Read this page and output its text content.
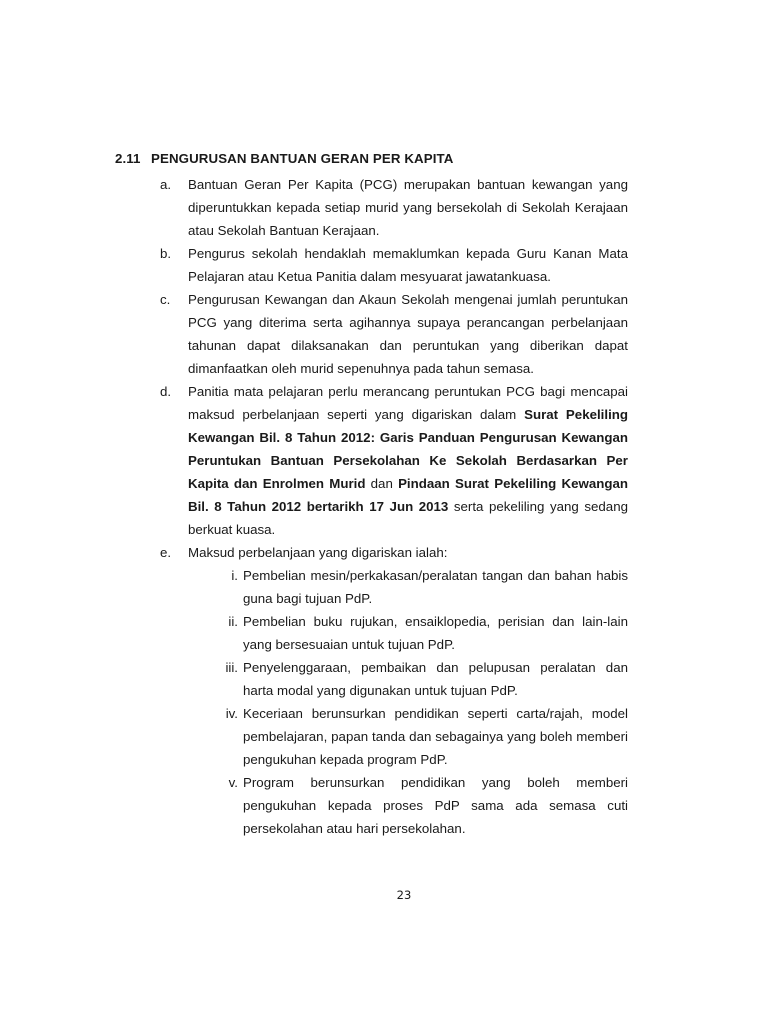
2.11 PENGURUSAN BANTUAN GERAN PER KAPITA
a. Bantuan Geran Per Kapita (PCG) merupakan bantuan kewangan yang diperuntukkan kepada setiap murid yang bersekolah di Sekolah Kerajaan atau Sekolah Bantuan Kerajaan.

b. Pengurus sekolah hendaklah memaklumkan kepada Guru Kanan Mata Pelajaran atau Ketua Panitia dalam mesyuarat jawatankuasa.

c. Pengurusan Kewangan dan Akaun Sekolah mengenai jumlah peruntukan PCG yang diterima serta agihannya supaya perancangan perbelanjaan tahunan dapat dilaksanakan dan peruntukan yang diberikan dapat dimanfaatkan oleh murid sepenuhnya pada tahun semasa.

d. Panitia mata pelajaran perlu merancang peruntukan PCG bagi mencapai maksud perbelanjaan seperti yang digariskan dalam Surat Pekeliling Kewangan Bil. 8 Tahun 2012: Garis Panduan Pengurusan Kewangan Peruntukan Bantuan Persekolahan Ke Sekolah Berdasarkan Per Kapita dan Enrolmen Murid dan Pindaan Surat Pekeliling Kewangan Bil. 8 Tahun 2012 bertarikh 17 Jun 2013 serta pekeliling yang sedang berkuat kuasa.

e. Maksud perbelanjaan yang digariskan ialah:

i. Pembelian mesin/perkakasan/peralatan tangan dan bahan habis guna bagi tujuan PdP.

ii. Pembelian buku rujukan, ensaiklopedia, perisian dan lain-lain yang bersesuaian untuk tujuan PdP.

iii. Penyelenggaraan, pembaikan dan pelupusan peralatan dan harta modal yang digunakan untuk tujuan PdP.

iv. Keceriaan berunsurkan pendidikan seperti carta/rajah, model pembelajaran, papan tanda dan sebagainya yang boleh memberi pengukuhan kepada program PdP.

v. Program berunsurkan pendidikan yang boleh memberi pengukuhan kepada proses PdP sama ada semasa cuti persekolahan atau hari persekolahan.

23
